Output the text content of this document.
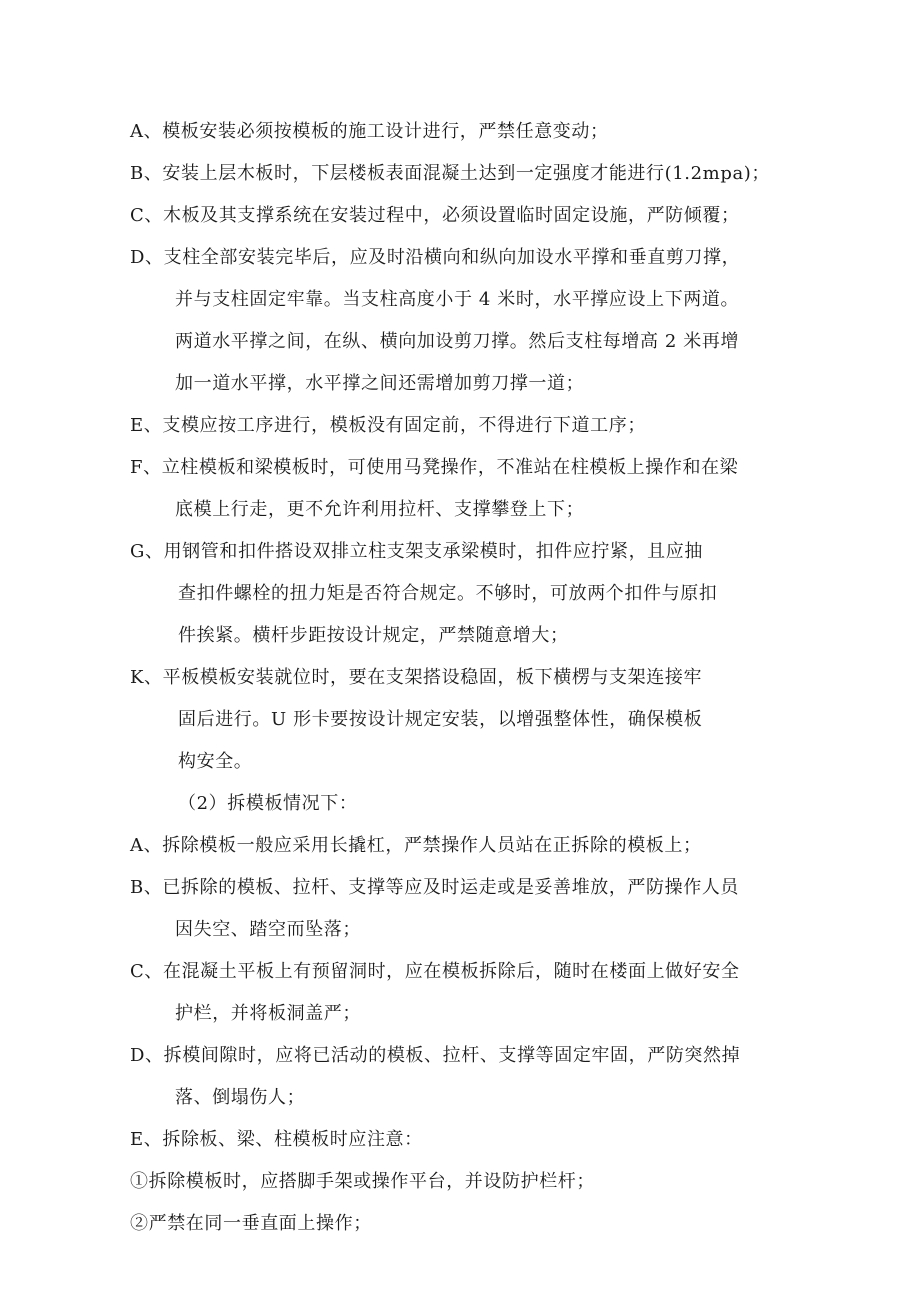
A、模板安装必须按模板的施工设计进行，严禁任意变动；
B、安装上层木板时，下层楼板表面混凝土达到一定强度才能进行(1.2mpa)；
C、木板及其支撑系统在安装过程中，必须设置临时固定设施，严防倾覆；
D、支柱全部安装完毕后，应及时沿横向和纵向加设水平撑和垂直剪刀撑，
并与支柱固定牢靠。当支柱高度小于 4 米时，水平撑应设上下两道。
两道水平撑之间，在纵、横向加设剪刀撑。然后支柱每增高 2 米再增
加一道水平撑，水平撑之间还需增加剪刀撑一道；
E、支模应按工序进行，模板没有固定前，不得进行下道工序；
F、立柱模板和梁模板时，可使用马凳操作，不准站在柱模板上操作和在梁
底模上行走，更不允许利用拉杆、支撑攀登上下；
G、用钢管和扣件搭设双排立柱支架支承梁模时，扣件应拧紧，且应抽
查扣件螺栓的扭力矩是否符合规定。不够时，可放两个扣件与原扣
件挨紧。横杆步距按设计规定，严禁随意增大；
K、平板模板安装就位时，要在支架搭设稳固，板下横楞与支架连接牢
固后进行。U 形卡要按设计规定安装，以增强整体性，确保模板
构安全。
（2）拆模板情况下：
A、拆除模板一般应采用长撬杠，严禁操作人员站在正拆除的模板上；
B、已拆除的模板、拉杆、支撑等应及时运走或是妥善堆放，严防操作人员
因失空、踏空而坠落；
C、在混凝土平板上有预留洞时，应在模板拆除后，随时在楼面上做好安全
护栏，并将板洞盖严；
D、拆模间隙时，应将已活动的模板、拉杆、支撑等固定牢固，严防突然掉
落、倒塌伤人；
E、拆除板、梁、柱模板时应注意：
①拆除模板时，应搭脚手架或操作平台，并设防护栏杆；
②严禁在同一垂直面上操作；
